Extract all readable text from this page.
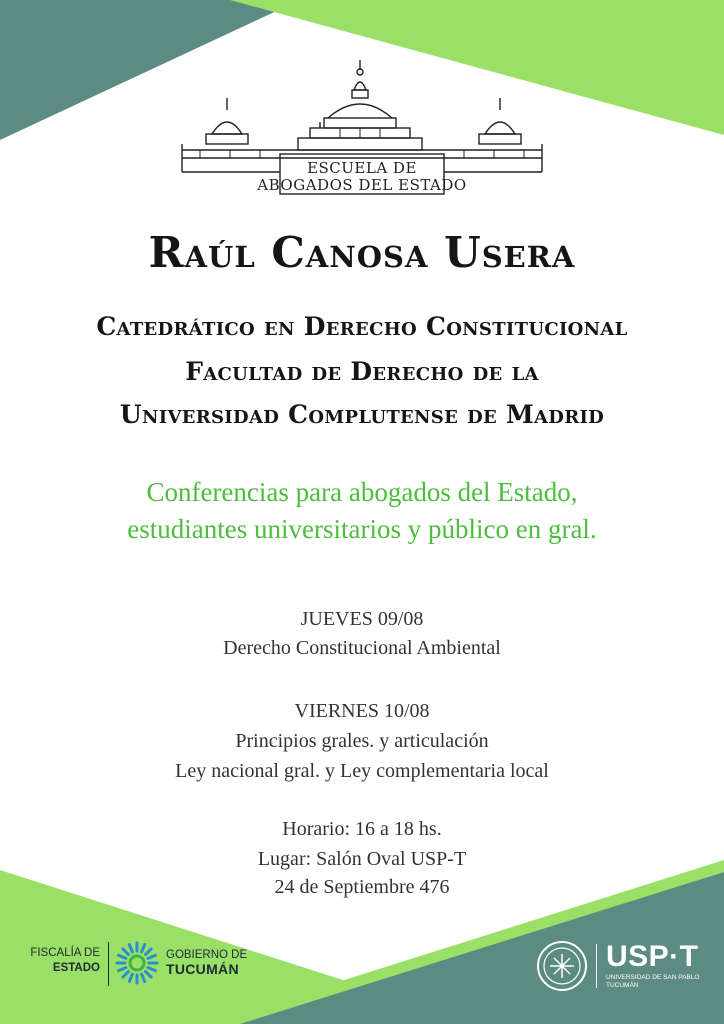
ESCUELA DE
ABOGADOS DEL ESTADO
Raúl Canosa Usera
Catedrático en Derecho Constitucional
Facultad de Derecho de la
Universidad Complutense de Madrid
Conferencias para abogados del Estado,
estudiantes universitarios y público en gral.
JUEVES 09/08
Derecho Constitucional Ambiental
VIERNES 10/08
Principios grales. y articulación
Ley nacional gral. y Ley complementaria local
Horario: 16 a 18 hs.
Lugar: Salón Oval USP-T
24 de Septiembre 476
FISCALÍA DE
ESTADO
GOBIERNO DE
TUCUMÁN	USP·T
UNIVERSIDAD DE SAN PABLO
TUCUMÁN
